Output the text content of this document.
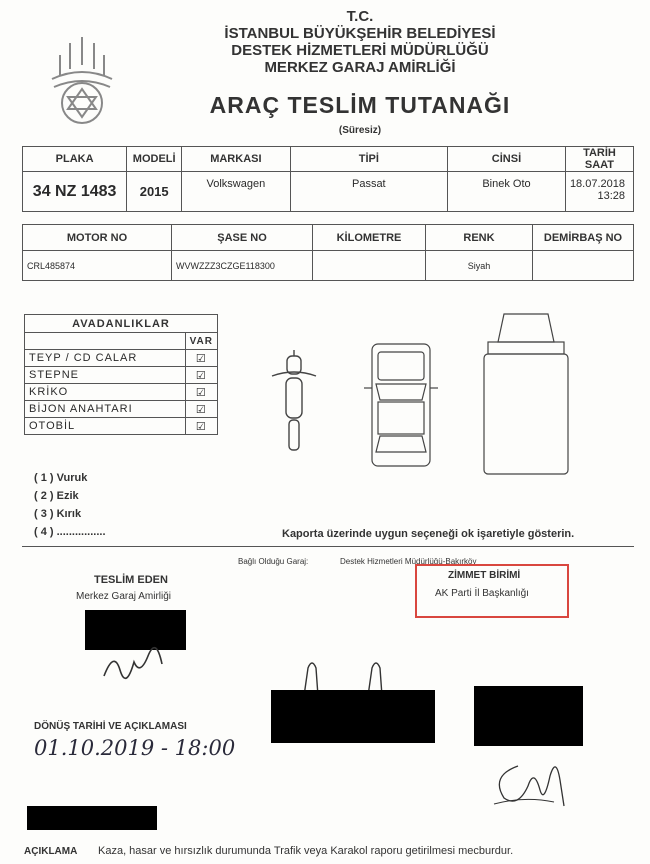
T.C.
İSTANBUL BÜYÜKŞEHİR BELEDİYESİ
DESTEK HİZMETLERİ MÜDÜRLÜĞÜ
MERKEZ GARAJ AMİRLİĞİ
ARAÇ TESLİM TUTANAĞI
(Süresiz)
PLAKA	MODELİ	MARKASI	TİPİ	CİNSİ	TARİH SAAT
34 NZ 1483	2015	Volkswagen	Passat	Binek Oto	18.07.2018
13:28
MOTOR NO	ŞASE NO	KİLOMETRE	RENK	DEMİRBAŞ NO
CRL485874	WVWZZZ3CZGE118300		Siyah	
AVADANLIKLAR	
	VAR
TEYP / CD CALAR	☑
STEPNE	☑
KRİKO	☑
BİJON ANAHTARI	☑
OTOBİL	☑
( 1 ) Vuruk
( 2 ) Ezik
( 3 ) Kırık
( 4 ) ................	Kaporta üzerinde uygun seçeneği ok işaretiyle gösterin.
Bağlı Olduğu Garaj:	Destek Hizmetleri Müdürlüğü-Bakırköy
TESLİM EDEN
Merkez Garaj Amirliği
ZİMMET BİRİMİ
AK Parti İl Başkanlığı
DÖNÜŞ TARİHİ VE AÇIKLAMASI
01.10.2019 - 18:00
AÇIKLAMA Kaza, hasar ve hırsızlık durumunda Trafik veya Karakol raporu getirilmesi mecburdur.
